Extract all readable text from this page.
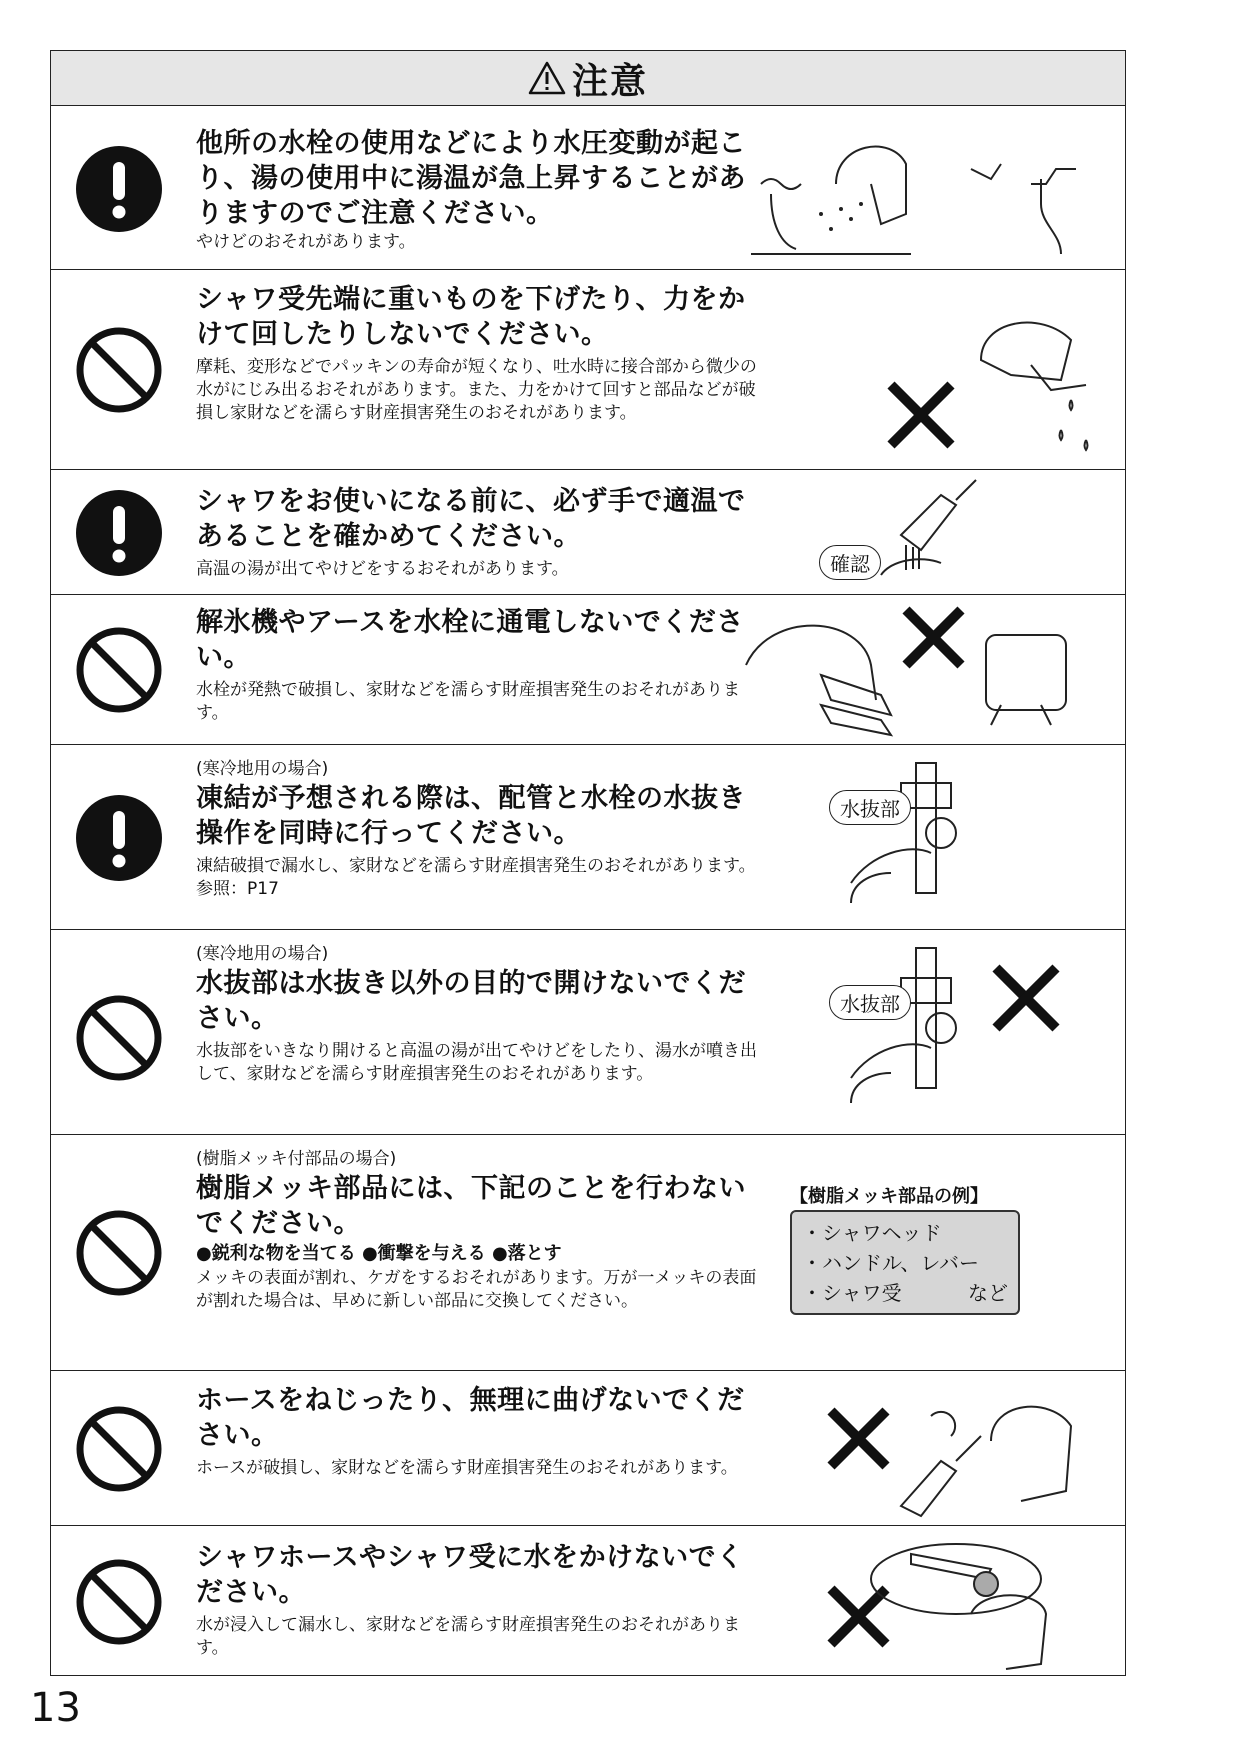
注意
他所の水栓の使用などにより水圧変動が起こり、湯の使用中に湯温が急上昇することがありますのでご注意ください。
やけどのおそれがあります。
シャワ受先端に重いものを下げたり、力をかけて回したりしないでください。
摩耗、変形などでパッキンの寿命が短くなり、吐水時に接合部から微少の水がにじみ出るおそれがあります。また、力をかけて回すと部品などが破損し家財などを濡らす財産損害発生のおそれがあります。
シャワをお使いになる前に、必ず手で適温であることを確かめてください。
高温の湯が出てやけどをするおそれがあります。	確認
解氷機やアースを水栓に通電しないでください。
水栓が発熱で破損し、家財などを濡らす財産損害発生のおそれがあります。
(寒冷地用の場合)
凍結が予想される際は、配管と水栓の水抜き操作を同時に行ってください。
凍結破損で漏水し、家財などを濡らす財産損害発生のおそれがあります。参照：P17
水抜部
(寒冷地用の場合)
水抜部は水抜き以外の目的で開けないでください。
水抜部をいきなり開けると高温の湯が出てやけどをしたり、湯水が噴き出して、家財などを濡らす財産損害発生のおそれがあります。
水抜部
(樹脂メッキ付部品の場合)
樹脂メッキ部品には、下記のことを行わないでください。
●鋭利な物を当てる ●衝撃を与える ●落とす
メッキの表面が割れ、ケガをするおそれがあります。万が一メッキの表面が割れた場合は、早めに新しい部品に交換してください。
ホースをねじったり、無理に曲げないでください。
ホースが破損し、家財などを濡らす財産損害発生のおそれがあります。
シャワホースやシャワ受に水をかけないでください。
水が浸入して漏水し、家財などを濡らす財産損害発生のおそれがあります。
【樹脂メッキ部品の例】
・シャワヘッド
・ハンドル、レバー
・シャワ受	など
13
